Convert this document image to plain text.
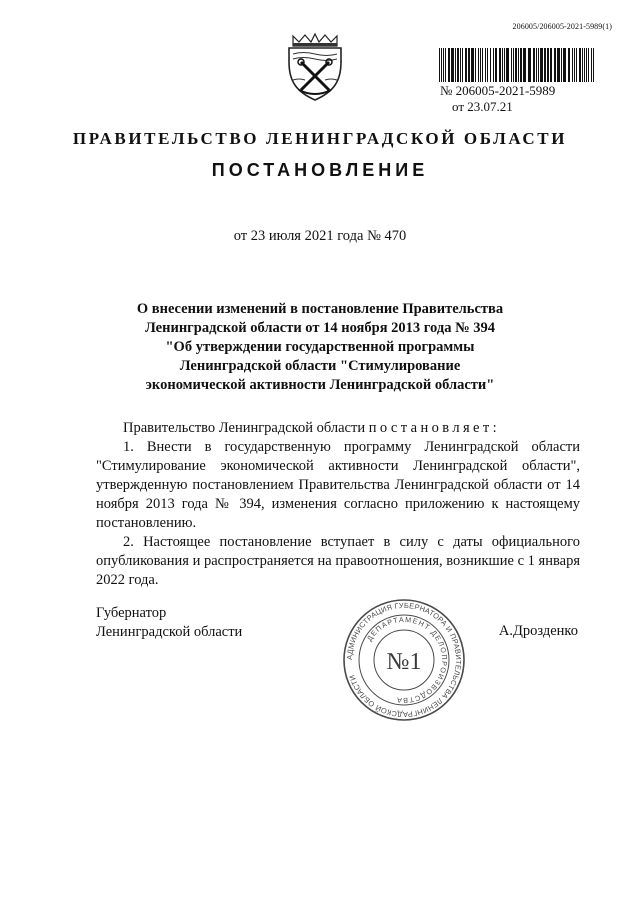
206005/206005-2021-5989(1)
№ 206005-2021-5989
от 23.07.21
ПРАВИТЕЛЬСТВО ЛЕНИНГРАДСКОЙ ОБЛАСТИ
ПОСТАНОВЛЕНИЕ
от 23 июля 2021 года № 470
О внесении изменений в постановление Правительства
Ленинградской области от 14 ноября 2013 года № 394
"Об утверждении государственной программы
Ленинградской области "Стимулирование
экономической активности Ленинградской области"

Правительство Ленинградской области постановляет:

1. Внести в государственную программу Ленинградской области "Стимулирование экономической активности Ленинградской области", утвержденную постановлением Правительства Ленинградской области от 14 ноября 2013 года № 394, изменения согласно приложению к настоящему постановлению.

2. Настоящее постановление вступает в силу с даты официального опубликования и распространяется на правоотношения, возникшие с 1 января 2022 года.

Губернатор
Ленинградской области	А.Дрозденко
АДМИНИСТРАЦИЯ ГУБЕРНАТОРА И ПРАВИТЕЛЬСТВА ЛЕНИНГРАДСКОЙ ОБЛАСТИ
ДЕПАРТАМЕНТ ДЕЛОПРОИЗВОДСТВА
№1
